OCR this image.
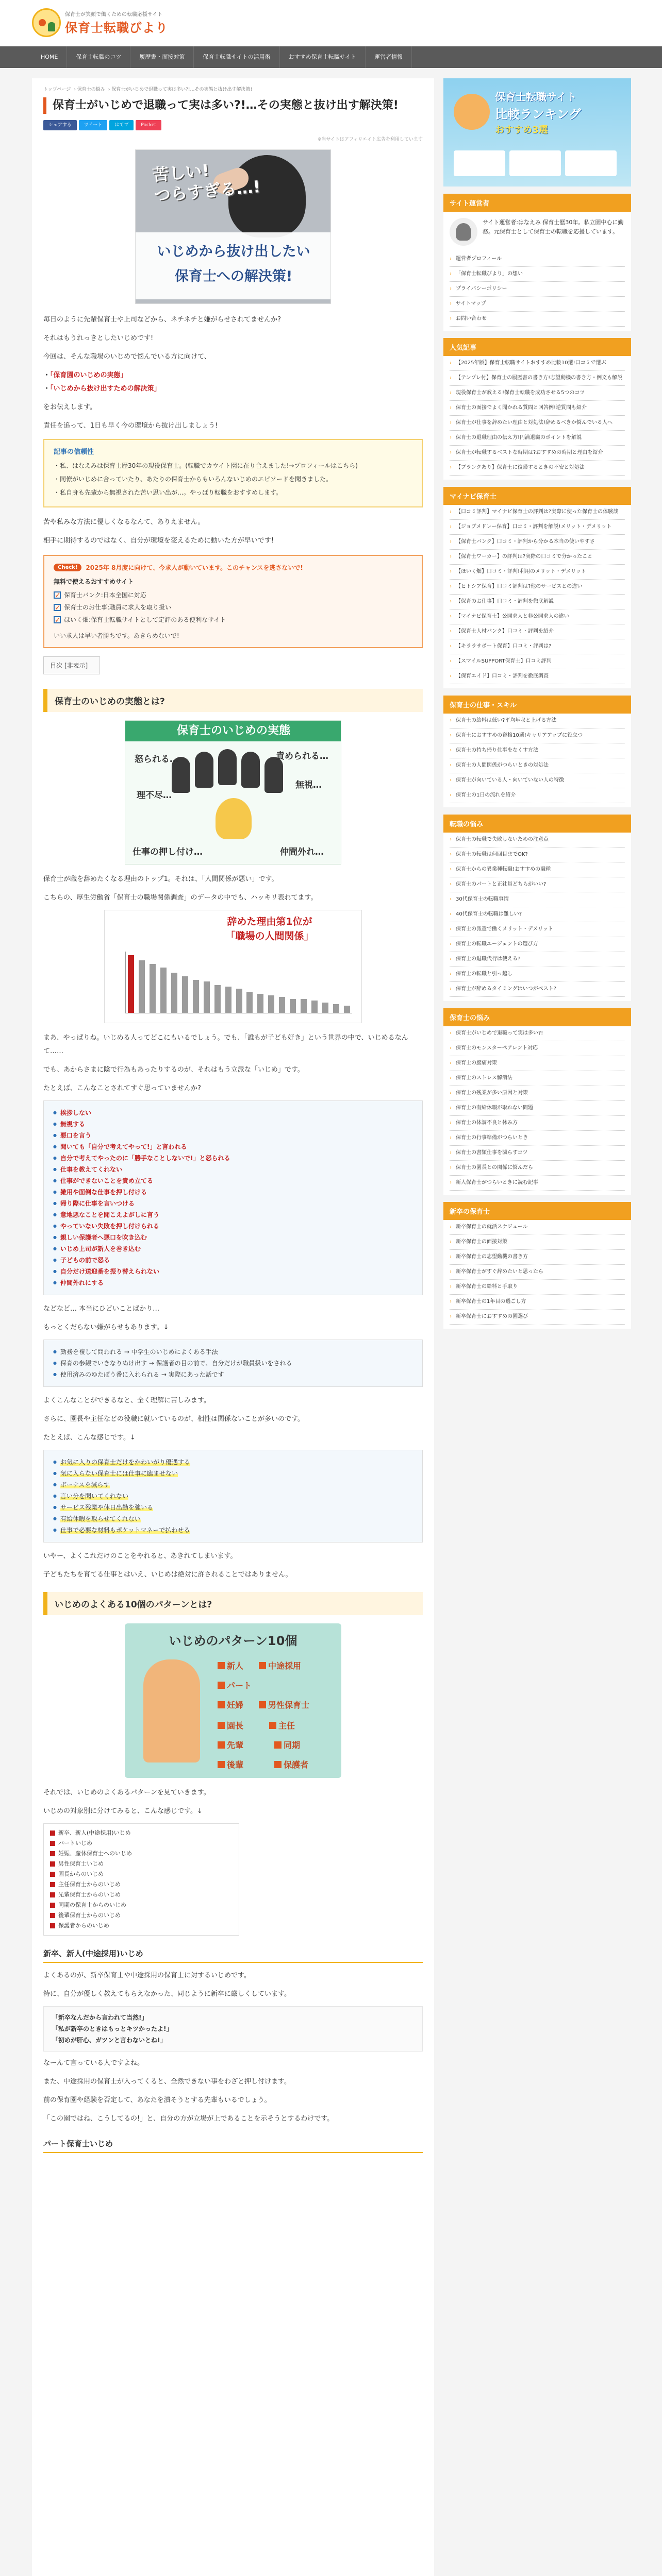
保育士が笑顔で働くための転職応援サイト
保育士転職びより
HOME	保育士転職のコツ	履歴書・面接対策	保育士転職サイトの活用術	おすすめ保育士転職サイト	運営者情報
トップページ › 保育士の悩み › 保育士がいじめで退職って実は多い?!…その実態と抜け出す解決策!
保育士がいじめで退職って実は多い?!…その実態と抜け出す解決策!
シェアする	ツイート	はてブ	Pocket
※当サイトはアフィリエイト広告を利用しています
苦しい!
つらすぎる…!

いじめから抜け出したい
保育士への解決策!

毎日のように先輩保育士や上司などから、ネチネチと嫌がらせされてませんか?

それはもうれっきとしたいじめです!

今回は、そんな職場のいじめで悩んでいる方に向けて、

・ 「保育園のいじめの実態」
・ 「いじめから抜け出すための解決策」

をお伝えします。

責任を追って、1日も早く今の環境から抜け出しましょう!

記事の信頼性
・ 私、はなえみは保育士歴30年の現役保育士。(転職でカウイト園に在り合えました!→プロフィールはこちら)
・ 同僚がいじめに合っていたり、あたりの保育士からもいろんないじめのエピソードを聞きました。
・ 私自身も先輩から無視された苦い思い出が…。やっぱり転職をおすすめします。

苦や私みな方法に優しくなるなんて、ありえません。

相手に期待するのではなく、自分が環境を変えるために動いた方が早いです!

Check!	2025年 8月度に向けて、今求人が動いています。このチャンスを逃さないで!
無料で使えるおすすめサイト
✓
保育士バンク:日本全国に対応
✓
保育士のお仕事:職員に求人を取り扱い
✓
ほいく畑:保育士転職サイトとして定評のある便利なサイト
いい求人は早い者勝ちです。あきらめないで!
目次 [非表示]
保育士のいじめの実態とは?
保育士のいじめの実態
怒られる…	責められる…
無視…
理不尽…
仕事の押し付け…	仲間外れ…

保育士が職を辞めたくなる理由のトップ1。それは、「人間関係が悪い」です。

こちらの、厚生労働省「保育士の職場関係調査」のデータの中でも、ハッキリ表れてます。

辞めた理由第1位が
「職場の人間関係」

まあ、やっぱりね。いじめる人ってどこにもいるでしょう。でも、「誰もが子ども好き」という世界の中で、いじめるなんて……

でも、あからさまに陰で行為もあったりするのが、それはもう立派な「いじめ」です。

たとえば、こんなことされてすぐ思っていませんか?

● 挨拶しない
● 無視する
● 悪口を言う
● 聞いても「自分で考えてやって!」と言われる
● 自分で考えてやったのに「勝手なことしないで!」と怒られる
● 仕事を教えてくれない
● 仕事ができないことを責め立てる
● 雑用や面倒な仕事を押し付ける
● 帰り際に仕事を言いつける
● 意地悪なことを聞こえよがしに言う
● やっていない失敗を押し付けられる
● 親しい保護者へ悪口を吹き込む
● いじめ上司が新人を巻き込む
● 子どもの前で怒る
● 自分だけ送迎番を振り替えられない
● 仲間外れにする

などなど… 本当にひどいことばかり…

もっとくだらない嫌がらせもあります。↓

● 勤務を複して問われる → 中学生のいじめによくある手法
● 保育の参観でいきなりぬけ出す → 保護者の目の前で、自分だけが職員扱いをされる
● 使用済みのゆたぼう番に入れられる → 実際にあった話です

よくこんなことができるなと、全く理解に苦しみます。

さらに、園長や主任などの役職に就いているのが、相性は関係ないことが多いのです。

たとえば、こんな感じです。↓

● お気に入りの保育士だけをかわいがり優遇する
● 気に入らない保育士には仕事に臨ませない
● ボーナスを減らす
● 言い分を聞いてくれない
● サービス残業や休日出勤を強いる
● 有給休暇を取らせてくれない
● 仕事で必要な材料もポケットマネーで払わせる

いやー、よくこれだけのことをやれると、あきれてしまいます。

子どもたちを育てる仕事とはいえ、いじめは絶対に許されることではありません。

いじめのよくある10個のパターンとは?
いじめのパターン10個
新人	中途採用
パート
妊婦	男性保育士
園長	主任
先輩	同期
後輩	保護者

それでは、いじめのよくあるパターンを見ていきます。

いじめの対象別に分けてみると、こんな感じです。↓

新卒、新人(中途採用)いじめ
パートいじめ
妊娠、産休保育士へのいじめ
男性保育士いじめ
園長からのいじめ
主任保育士からのいじめ
先輩保育士からのいじめ
同期の保育士からのいじめ
後輩保育士からのいじめ
保護者からのいじめ
新卒、新人(中途採用)いじめ

よくあるのが、新卒保育士や中途採用の保育士に対するいじめです。

特に、自分が優しく教えてもらえなかった、同じように新卒に厳しくしています。

「新卒なんだから言われて当然!」

「私が新卒のときはもっとキツかったよ!」

「初めが肝心、ガツンと言わないとね!」

なーんて言っている人ですよね。

また、中途採用の保育士が入ってくると、全然できない事をわざと押し付けます。

前の保育園や経験を否定して、あなたを潰そうとする先輩もいるでしょう。

「この園ではね、こうしてるの!」と、自分の方が立場が上であることを示そうとするわけです。

パート保育士いじめ
保育士転職サイト
比較ランキング
おすすめ3選
サイト運営者
サイト運営者:はなえみ 保育士歴30年。私立園中心に勤務。元保育士として保育士の転職を応援しています。
› 運営者プロフィール
› 「保育士転職びより」の想い
› プライバシーポリシー
› サイトマップ
› お問い合わせ
人気記事
› 【2025年版】保育士転職サイトおすすめ比較10選!口コミで選ぶ
› 【テンプレ付】保育士の履歴書の書き方!志望動機の書き方・例文も解説
› 現役保育士が教える!保育士転職を成功させる5つのコツ
› 保育士の面接でよく聞かれる質問と回答例!逆質問も紹介
› 保育士が仕事を辞めたい理由と対処法!辞めるべきか悩んでいる人へ
› 保育士の退職理由の伝え方!円満退職のポイントを解説
› 保育士が転職するベストな時期は?おすすめの時期と理由を紹介
› 【ブランクあり】保育士に復帰するときの不安と対処法
マイナビ保育士
› 【口コミ評判】マイナビ保育士の評判は?実際に使った保育士の体験談
› 【ジョブメドレー保育】口コミ・評判を解説!メリット・デメリット
› 【保育士バンク】口コミ・評判から分かる本当の使いやすさ
› 【保育士ワーカー】の評判は?実際の口コミで分かったこと
› 【ほいく畑】口コミ・評判!利用のメリット・デメリット
› 【ヒトシア保育】口コミ評判は?他のサービスとの違い
› 【保育のお仕事】口コミ・評判を徹底解説
› 【マイナビ保育士】公開求人と非公開求人の違い
› 【保育士人材バンク】口コミ・評判を紹介
› 【キララサポート保育】口コミ・評判は?
› 【スマイルSUPPORT保育士】口コミ評判
› 【保育エイド】口コミ・評判を徹底調査
保育士の仕事・スキル
› 保育士の給料は低い?平均年収と上げる方法
› 保育士におすすめの資格10選!キャリアアップに役立つ
› 保育士の持ち帰り仕事をなくす方法
› 保育士の人間関係がつらいときの対処法
› 保育士が向いている人・向いていない人の特徴
› 保育士の1日の流れを紹介
転職の悩み
› 保育士の転職で失敗しないための注意点
› 保育士の転職は何回目までOK?
› 保育士からの異業種転職!おすすめの職種
› 保育士のパートと正社員どちらがいい?
› 30代保育士の転職事情
› 40代保育士の転職は難しい?
› 保育士の派遣で働くメリット・デメリット
› 保育士の転職エージェントの選び方
› 保育士の退職代行は使える?
› 保育士の転職と引っ越し
› 保育士が辞めるタイミングはいつがベスト?
保育士の悩み
› 保育士がいじめで退職って実は多い?!
› 保育士のモンスターペアレント対応
› 保育士の腰痛対策
› 保育士のストレス解消法
› 保育士の残業が多い原因と対策
› 保育士の有給休暇が取れない問題
› 保育士の体調不良と休み方
› 保育士の行事準備がつらいとき
› 保育士の書類仕事を減らすコツ
› 保育士の園長との関係に悩んだら
› 新人保育士がつらいときに読む記事
新卒の保育士
› 新卒保育士の就活スケジュール
› 新卒保育士の面接対策
› 新卒保育士の志望動機の書き方
› 新卒保育士がすぐ辞めたいと思ったら
› 新卒保育士の給料と手取り
› 新卒保育士の1年目の過ごし方
› 新卒保育士におすすめの園選び
